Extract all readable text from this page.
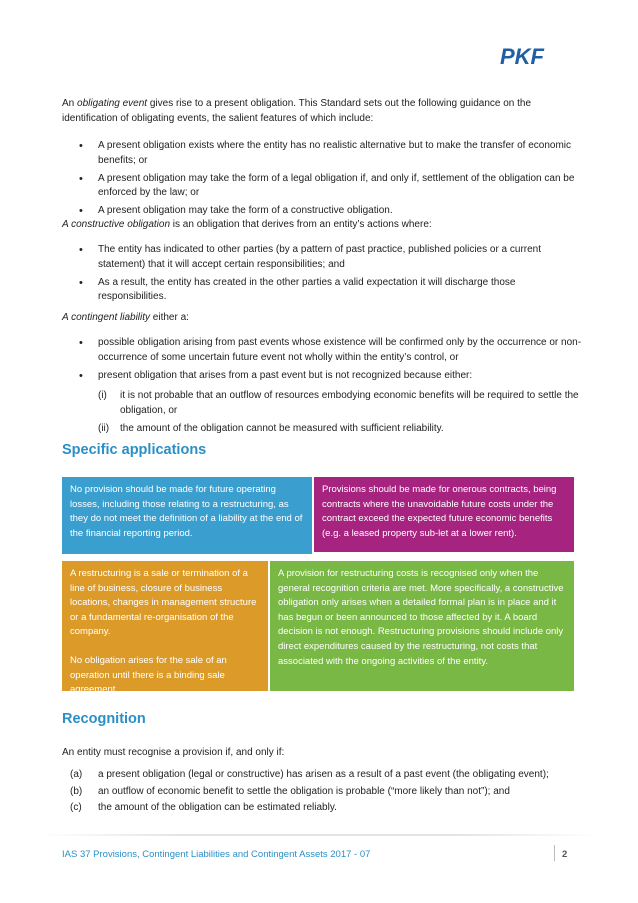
PKF

An obligating event gives rise to a present obligation. This Standard sets out the following guidance on the identification of obligating events, the salient features of which include:

• A present obligation exists where the entity has no realistic alternative but to make the transfer of economic benefits; or
• A present obligation may take the form of a legal obligation if, and only if, settlement of the obligation can be enforced by the law; or
• A present obligation may take the form of a constructive obligation.

A constructive obligation is an obligation that derives from an entity’s actions where:

• The entity has indicated to other parties (by a pattern of past practice, published policies or a current statement) that it will accept certain responsibilities; and
• As a result, the entity has created in the other parties a valid expectation it will discharge those responsibilities.

A contingent liability either a:

• possible obligation arising from past events whose existence will be confirmed only by the occurrence or non-occurrence of some uncertain future event not wholly within the entity’s control, or
• present obligation that arises from a past event but is not recognized because either:
(i) it is not probable that an outflow of resources embodying economic benefits will be required to settle the obligation, or
(ii) the amount of the obligation cannot be measured with sufficient reliability.
Specific applications

No provision should be made for future operating losses, including those relating to a restructuring, as they do not meet the definition of a liability at the end of the financial reporting period.

Provisions should be made for onerous contracts, being contracts where the unavoidable future costs under the contract exceed the expected future economic benefits (e.g. a leased property sub-let at a lower rent).

A restructuring is a sale or termination of a line of business, closure of business locations, changes in management structure or a fundamental re-organisation of the company.

No obligation arises for the sale of an operation until there is a binding sale agreement.

A provision for restructuring costs is recognised only when the general recognition criteria are met. More specifically, a constructive obligation only arises when a detailed formal plan is in place and it has begun or been announced to those affected by it. A board decision is not enough. Restructuring provisions should include only direct expenditures caused by the restructuring, not costs that associated with the ongoing activities of the entity.

Recognition

An entity must recognise a provision if, and only if:

(a) a present obligation (legal or constructive) has arisen as a result of a past event (the obligating event);
(b) an outflow of economic benefit to settle the obligation is probable (“more likely than not”); and
(c) the amount of the obligation can be estimated reliably.
IAS 37 Provisions, Contingent Liabilities and Contingent Assets 2017 - 07	2
